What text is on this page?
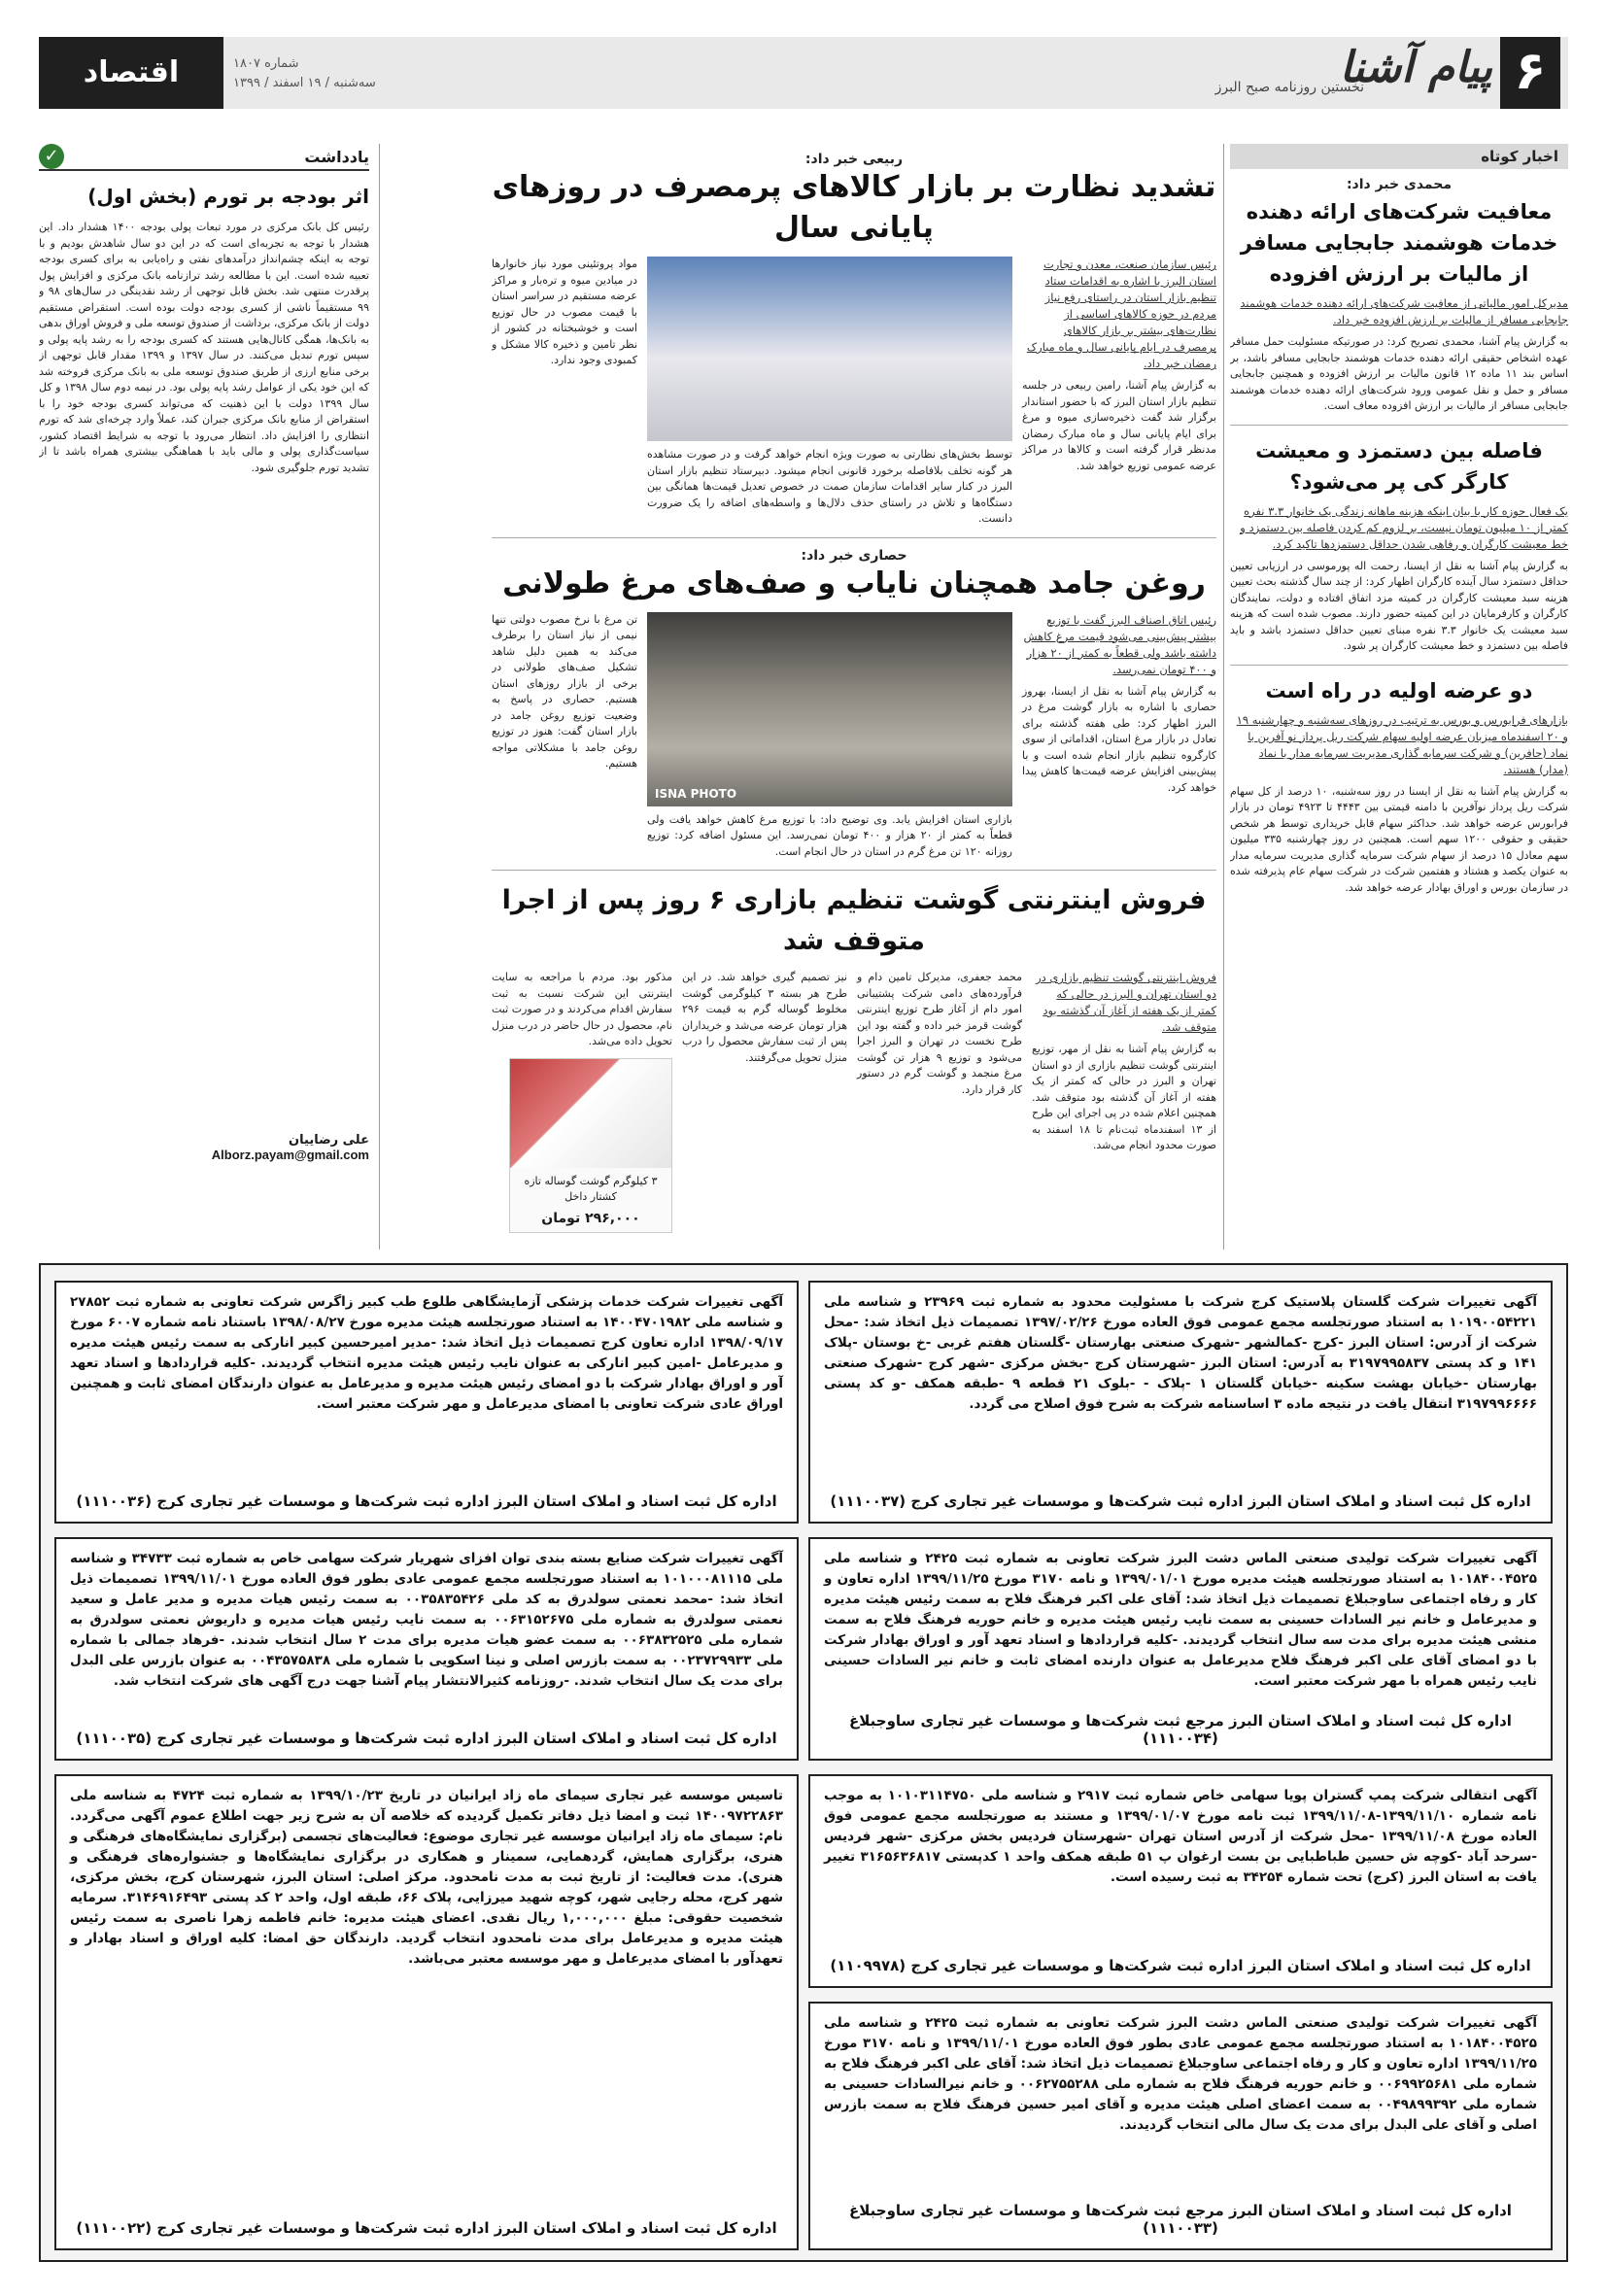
۶
پیام آشنا
نخستین روزنامه صبح البرز
شماره ۱۸۰۷
سه‌شنبه / ۱۹ اسفند / ۱۳۹۹
اقتصاد
اخبار کوتاه
محمدی خبر داد:
معافیت شرکت‌های ارائه دهنده خدمات هوشمند جابجایی مسافر از مالیات بر ارزش افزوده
مدیرکل امور مالیاتی از معافیت شرکت‌های ارائه دهنده خدمات هوشمند جابجایی مسافر از مالیات بر ارزش افزوده خبر داد.
به گزارش پیام آشنا، محمدی تصریح کرد: در صورتیکه مسئولیت حمل مسافر عهده اشخاص حقیقی ارائه دهنده خدمات هوشمند جابجایی مسافر باشد، بر اساس بند ۱۱ ماده ۱۲ قانون مالیات بر ارزش افزوده و همچنین جابجایی مسافر و حمل و نقل عمومی ورود شرکت‌های ارائه دهنده خدمات هوشمند جابجایی مسافر از مالیات بر ارزش افزوده معاف است.
فاصله بین دستمزد و معیشت کارگر کی پر می‌شود؟
یک فعال حوزه کار با بیان اینکه هزینه ماهانه زندگی یک خانوار ۳.۳ نفره کمتر از ۱۰ میلیون تومان نیست، بر لزوم کم کردن فاصله بین دستمزد و خط معیشت کارگران و رفاهی شدن حداقل دستمزدها تاکید کرد.
به گزارش پیام آشنا به نقل از ایسنا، رحمت اله پورموسی در ارزیابی تعیین حداقل دستمزد سال آینده کارگران اظهار کرد: از چند سال گذشته بحث تعیین هزینه سبد معیشت کارگران در کمیته مزد اتفاق افتاده و دولت، نمایندگان کارگران و کارفرمایان در این کمیته حضور دارند. مصوب شده است که هزینه سبد معیشت یک خانوار ۳.۳ نفره مبنای تعیین حداقل دستمزد باشد و باید فاصله بین دستمزد و خط معیشت کارگران پر شود.
دو عرضه اولیه در راه است
بازارهای فرابورس و بورس به ترتیب در روزهای سه‌شنبه و چهارشنبه ۱۹ و ۲۰ اسفندماه میزبان عرضه اولیه سهام شرکت ریل پرداز نو آفرین با نماد (حافرین) و شرکت سرمایه گذاری مدیریت سرمایه مدار با نماد (مدار) هستند.
به گزارش پیام آشنا به نقل از ایسنا در روز سه‌شنبه، ۱۰ درصد از کل سهام شرکت ریل پرداز نوآفرین با دامنه قیمتی بین ۴۴۴۳ تا ۴۹۲۳ تومان در بازار فرابورس عرضه خواهد شد. حداکثر سهام قابل خریداری توسط هر شخص حقیقی و حقوقی ۱۲۰۰ سهم است. همچنین در روز چهارشنبه ۳۳۵ میلیون سهم معادل ۱۵ درصد از سهام شرکت سرمایه گذاری مدیریت سرمایه مدار به عنوان یکصد و هشتاد و هفتمین شرکت در شرکت سهام عام پذیرفته شده در سازمان بورس و اوراق بهادار عرضه خواهد شد.
ربیعی خبر داد:
تشدید نظارت بر بازار کالاهای پرمصرف در روزهای پایانی سال
رئیس سازمان صنعت، معدن و تجارت استان البرز با اشاره به اقدامات ستاد تنظیم بازار استان در راستای رفع نیاز مردم در حوزه کالاهای اساسی از نظارت‌های بیشتر بر بازار کالاهای پرمصرف در ایام پایانی سال و ماه مبارک رمضان خبر داد.
به گزارش پیام آشنا، رامین ربیعی در جلسه تنظیم بازار استان البرز که با حضور استاندار برگزار شد گفت ذخیره‌سازی میوه و مرغ برای ایام پایانی سال و ماه مبارک رمضان مدنظر قرار گرفته است و کالاها در مراکز عرضه عمومی توزیع خواهد شد.
توسط بخش‌های نظارتی به صورت ویژه انجام خواهد گرفت و در صورت مشاهده هر گونه تخلف بلافاصله برخورد قانونی انجام میشود. دبیرستاد تنظیم بازار استان البرز در کنار سایر اقدامات سازمان صمت در خصوص تعدیل قیمت‌ها همانگی بین دستگاه‌ها و تلاش در راستای حذف دلال‌ها و واسطه‌های اضافه را یک ضرورت دانست.
مواد پروتئینی مورد نیاز خانوارها در میادین میوه و تره‌بار و مراکز عرضه مستقیم در سراسر استان با قیمت مصوب در حال توزیع است و خوشبختانه در کشور از نظر تامین و ذخیره کالا مشکل و کمبودی وجود ندارد.
حصاری خبر داد:
روغن جامد همچنان نایاب و صف‌های مرغ طولانی
رئیس اتاق اصناف البرز گفت با توزیع بیشتر پیش‌بینی می‌شود قیمت مرغ کاهش داشته باشد ولی قطعاً به کمتر از ۲۰ هزار و ۴۰۰ تومان نمی‌رسد.
به گزارش پیام آشنا به نقل از ایسنا، بهروز حصاری با اشاره به بازار گوشت مرغ در البرز اظهار کرد: طی هفته گذشته برای تعادل در بازار مرغ استان، اقداماتی از سوی کارگروه تنظیم بازار انجام شده است و با پیش‌بینی افزایش عرضه قیمت‌ها کاهش پیدا خواهد کرد.
ISNA PHOTO
بازاری استان افزایش یابد. وی توضیح داد: با توزیع مرغ کاهش خواهد یافت ولی قطعاً به کمتر از ۲۰ هزار و ۴۰۰ تومان نمی‌رسد. این مسئول اضافه کرد: توزیع روزانه ۱۲۰ تن مرغ گرم در استان در حال انجام است.
تن مرغ با نرخ مصوب دولتی تنها نیمی از نیاز استان را برطرف می‌کند به همین دلیل شاهد تشکیل صف‌های طولانی در برخی از بازار روزهای استان هستیم. حصاری در پاسخ به وضعیت توزیع روغن جامد در بازار استان گفت: هنوز در توزیع روغن جامد با مشکلاتی مواجه هستیم.
فروش اینترنتی گوشت تنظیم بازاری ۶ روز پس از اجرا متوقف شد
فروش اینترنتی گوشت تنظیم بازاری در دو استان تهران و البرز در حالی که کمتر از یک هفته از آغاز آن گذشته بود متوقف شد.
به گزارش پیام آشنا به نقل از مهر، توزیع اینترنتی گوشت تنظیم بازاری از دو استان تهران و البرز در حالی که کمتر از یک هفته از آغاز آن گذشته بود متوقف شد. همچنین اعلام شده در پی اجرای این طرح از ۱۳ اسفندماه ثبت‌نام تا ۱۸ اسفند به صورت محدود انجام می‌شد.
محمد جعفری، مدیرکل تامین دام و فرآورده‌های دامی شرکت پشتیبانی امور دام از آغاز طرح توزیع اینترنتی گوشت قرمز خبر داده و گفته بود این طرح نخست در تهران و البرز اجرا می‌شود و توزیع ۹ هزار تن گوشت مرغ منجمد و گوشت گرم در دستور کار قرار دارد.
نیز تصمیم گیری خواهد شد. در این طرح هر بسته ۳ کیلوگرمی گوشت مخلوط گوساله گرم به قیمت ۲۹۶ هزار تومان عرضه می‌شد و خریداران پس از ثبت سفارش محصول را درب منزل تحویل می‌گرفتند.
مذکور بود. مردم با مراجعه به سایت اینترنتی این شرکت نسبت به ثبت سفارش اقدام می‌کردند و در صورت ثبت نام، محصول در حال حاضر در درب منزل تحویل داده می‌شد.
۳ کیلوگرم گوشت گوساله تازه کشتار داخل
۲۹۶,۰۰۰ تومان
یادداشت
✓
اثر بودجه بر تورم (بخش اول)
رئیس کل بانک مرکزی در مورد تبعات پولی بودجه ۱۴۰۰ هشدار داد. این هشدار با توجه به تجربه‌ای است که در این دو سال شاهدش بودیم و با توجه به اینکه چشم‌انداز درآمدهای نفتی و راه‌یابی به برای کسری بودجه تعبیه شده است. این با مطالعه رشد ترازنامه بانک مرکزی و افزایش پول پرقدرت منتهی شد. بخش قابل توجهی از رشد نقدینگی در سال‌های ۹۸ و ۹۹ مستقیماً ناشی از کسری بودجه دولت بوده است. استقراض مستقیم دولت از بانک مرکزی، برداشت از صندوق توسعه ملی و فروش اوراق بدهی به بانک‌ها، همگی کانال‌هایی هستند که کسری بودجه را به رشد پایه پولی و سپس تورم تبدیل می‌کنند. در سال ۱۳۹۷ و ۱۳۹۹ مقدار قابل توجهی از برخی منابع ارزی از طریق صندوق توسعه ملی به بانک مرکزی فروخته شد که این خود یکی از عوامل رشد پایه پولی بود. در نیمه دوم سال ۱۳۹۸ و کل سال ۱۳۹۹ دولت با این ذهنیت که می‌تواند کسری بودجه خود را با استقراض از منابع بانک مرکزی جبران کند، عملاً وارد چرخه‌ای شد که تورم انتظاری را افزایش داد. انتظار می‌رود با توجه به شرایط اقتصاد کشور، سیاست‌گذاری پولی و مالی باید با هماهنگی بیشتری همراه باشد تا از تشدید تورم جلوگیری شود.
علی رضاییان
Alborz.payam@gmail.com
آگهی تغییرات شرکت گلستان پلاستیک کرج شرکت با مسئولیت محدود به شماره ثبت ۲۳۹۶۹ و شناسه ملی ۱۰۱۹۰۰۵۴۲۲۱ به استناد صورتجلسه مجمع عمومی فوق العاده مورخ ۱۳۹۷/۰۲/۲۶ تصمیمات ذیل اتخاذ شد: -محل شرکت از آدرس: استان البرز -کرج -کمالشهر -شهرک صنعتی بهارستان -گلستان هفتم غربی -خ بوستان -پلاک ۱۴۱ و کد پستی ۳۱۹۷۹۹۵۸۳۷ به آدرس: استان البرز -شهرستان کرج -بخش مرکزی -شهر کرج -شهرک صنعتی بهارستان -خیابان بهشت سکینه -خیابان گلستان ۱ -پلاک - -بلوک ۲۱ قطعه ۹ -طبقه همکف -و کد پستی ۳۱۹۷۹۹۶۶۶۶ انتقال یافت در نتیجه ماده ۳ اساسنامه شرکت به شرح فوق اصلاح می گردد.
اداره کل ثبت اسناد و املاک استان البرز اداره ثبت شرکت‌ها و موسسات غیر تجاری کرج (۱۱۱۰۰۳۷)
آگهی تغییرات شرکت خدمات پزشکی آزمایشگاهی طلوع طب کبیر زاگرس شرکت تعاونی به شماره ثبت ۲۷۸۵۲ و شناسه ملی ۱۴۰۰۴۷۰۱۹۸۲ به استناد صورتجلسه هیئت مدیره مورخ ۱۳۹۸/۰۸/۲۷ باستناد نامه شماره ۶۰۰۷ مورخ ۱۳۹۸/۰۹/۱۷ اداره تعاون کرج تصمیمات ذیل اتخاذ شد: -مدیر امیرحسین کبیر انارکی به سمت رئیس هیئت مدیره و مدیرعامل -امین کبیر انارکی به عنوان نایب رئیس هیئت مدیره انتخاب گردیدند. -کلیه قراردادها و اسناد تعهد آور و اوراق بهادار شرکت با دو امضای رئیس هیئت مدیره و مدیرعامل به عنوان دارندگان امضای ثابت و همچنین اوراق عادی شرکت تعاونی با امضای مدیرعامل و مهر شرکت معتبر است.
اداره کل ثبت اسناد و املاک استان البرز اداره ثبت شرکت‌ها و موسسات غیر تجاری کرج (۱۱۱۰۰۳۶)
آگهی تغییرات شرکت تولیدی صنعتی الماس دشت البرز شرکت تعاونی به شماره ثبت ۲۴۲۵ و شناسه ملی ۱۰۱۸۴۰۰۴۵۲۵ به استناد صورتجلسه هیئت مدیره مورخ ۱۳۹۹/۰۱/۰۱ و نامه ۳۱۷۰ مورخ ۱۳۹۹/۱۱/۲۵ اداره تعاون و کار و رفاه اجتماعی ساوجبلاغ تصمیمات ذیل اتخاذ شد: آقای علی اکبر فرهنگ فلاح به سمت رئیس هیئت مدیره و مدیرعامل و خانم نیر السادات حسینی به سمت نایب رئیس هیئت مدیره و خانم حوریه فرهنگ فلاح به سمت منشی هیئت مدیره برای مدت سه سال انتخاب گردیدند. -کلیه قراردادها و اسناد تعهد آور و اوراق بهادار شرکت با دو امضای آقای علی اکبر فرهنگ فلاح مدیرعامل به عنوان دارنده امضای ثابت و خانم نیر السادات حسینی نایب رئیس همراه با مهر شرکت معتبر است.
اداره کل ثبت اسناد و املاک استان البرز مرجع ثبت شرکت‌ها و موسسات غیر تجاری ساوجبلاغ (۱۱۱۰۰۳۴)
آگهی تغییرات شرکت صنایع بسته بندی توان افزای شهریار شرکت سهامی خاص به شماره ثبت ۳۴۷۳۳ و شناسه ملی ۱۰۱۰۰۰۸۱۱۱۵ به استناد صورتجلسه مجمع عمومی عادی بطور فوق العاده مورخ ۱۳۹۹/۱۱/۰۱ تصمیمات ذیل اتخاذ شد: -محمد نعمتی سولدرق به کد ملی ۰۰۳۵۸۳۵۴۲۶ به سمت رئیس هیات مدیره و مدیر عامل و سعید نعمتی سولدرق به شماره ملی ۰۰۶۳۱۵۲۶۷۵ به سمت نایب رئیس هیات مدیره و داریوش نعمتی سولدرق به شماره ملی ۰۰۶۳۸۳۲۵۲۵ به سمت عضو هیات مدیره برای مدت ۲ سال انتخاب شدند. -فرهاد جمالی با شماره ملی ۰۰۲۳۷۲۹۹۳۳ به سمت بازرس اصلی و نینا اسکویی با شماره ملی ۰۰۴۳۵۷۵۸۳۸ به عنوان بازرس علی البدل برای مدت یک سال انتخاب شدند. -روزنامه کثیرالانتشار پیام آشنا جهت درج آگهی های شرکت انتخاب شد.
اداره کل ثبت اسناد و املاک استان البرز اداره ثبت شرکت‌ها و موسسات غیر تجاری کرج (۱۱۱۰۰۳۵)
آگهی انتقالی شرکت پمپ گستران پویا سهامی خاص شماره ثبت ۲۹۱۷ و شناسه ملی ۱۰۱۰۳۱۱۴۷۵۰ به موجب نامه شماره ۱۳۹۹/۱۱/۱۰-۱۳۹۹/۱۱/۰۸ ثبت نامه مورخ ۱۳۹۹/۰۱/۰۷ و مستند به صورتجلسه مجمع عمومی فوق العاده مورخ ۱۳۹۹/۱۱/۰۸ -محل شرکت از آدرس استان تهران -شهرستان فردیس بخش مرکزی -شهر فردیس -سرحد آباد -کوچه ش حسین طباطبایی بن بست ارغوان پ ۵۱ طبقه همکف واحد ۱ کدپستی ۳۱۶۵۶۳۶۸۱۷ تغییر یافت به استان البرز (کرج) تحت شماره ۳۴۲۵۴ به ثبت رسیده است.
اداره کل ثبت اسناد و املاک استان البرز اداره ثبت شرکت‌ها و موسسات غیر تجاری کرج (۱۱۰۹۹۷۸)
تاسیس موسسه غیر تجاری سیمای ماه زاد ایرانیان در تاریخ ۱۳۹۹/۱۰/۲۳ به شماره ثبت ۴۷۲۴ به شناسه ملی ۱۴۰۰۹۷۲۲۸۶۳ ثبت و امضا ذیل دفاتر تکمیل گردیده که خلاصه آن به شرح زیر جهت اطلاع عموم آگهی می‌گردد. نام: سیمای ماه زاد ایرانیان موسسه غیر تجاری موضوع: فعالیت‌های تجسمی (برگزاری نمایشگاه‌های فرهنگی و هنری، برگزاری همایش، گردهمایی، سمینار و همکاری در برگزاری نمایشگاه‌ها و جشنواره‌های فرهنگی و هنری). مدت فعالیت: از تاریخ ثبت به مدت نامحدود. مرکز اصلی: استان البرز، شهرستان کرج، بخش مرکزی، شهر کرج، محله رجایی شهر، کوچه شهید میرزایی، پلاک ۶۶، طبقه اول، واحد ۲ کد پستی ۳۱۴۶۹۱۶۴۹۳. سرمایه شخصیت حقوقی: مبلغ ۱,۰۰۰,۰۰۰ ریال نقدی. اعضای هیئت مدیره: خانم فاطمه زهرا ناصری به سمت رئیس هیئت مدیره و مدیرعامل برای مدت نامحدود انتخاب گردید. دارندگان حق امضا: کلیه اوراق و اسناد بهادار و تعهدآور با امضای مدیرعامل و مهر موسسه معتبر می‌باشد.
اداره کل ثبت اسناد و املاک استان البرز اداره ثبت شرکت‌ها و موسسات غیر تجاری کرج (۱۱۱۰۰۲۲)
آگهی تغییرات شرکت تولیدی صنعتی الماس دشت البرز شرکت تعاونی به شماره ثبت ۲۴۲۵ و شناسه ملی ۱۰۱۸۴۰۰۴۵۲۵ به استناد صورتجلسه مجمع عمومی عادی بطور فوق العاده مورخ ۱۳۹۹/۱۱/۰۱ و نامه ۳۱۷۰ مورخ ۱۳۹۹/۱۱/۲۵ اداره تعاون و کار و رفاه اجتماعی ساوجبلاغ تصمیمات ذیل اتخاذ شد: آقای علی اکبر فرهنگ فلاح به شماره ملی ۰۰۶۹۹۲۵۶۸۱ و خانم حوریه فرهنگ فلاح به شماره ملی ۰۰۶۲۷۵۵۲۸۸ و خانم نیرالسادات حسینی به شماره ملی ۰۰۴۹۸۹۹۳۹۲ به سمت اعضای اصلی هیئت مدیره و آقای امیر حسین فرهنگ فلاح به سمت بازرس اصلی و آقای علی البدل برای مدت یک سال مالی انتخاب گردیدند.
اداره کل ثبت اسناد و املاک استان البرز مرجع ثبت شرکت‌ها و موسسات غیر تجاری ساوجبلاغ (۱۱۱۰۰۳۳)
